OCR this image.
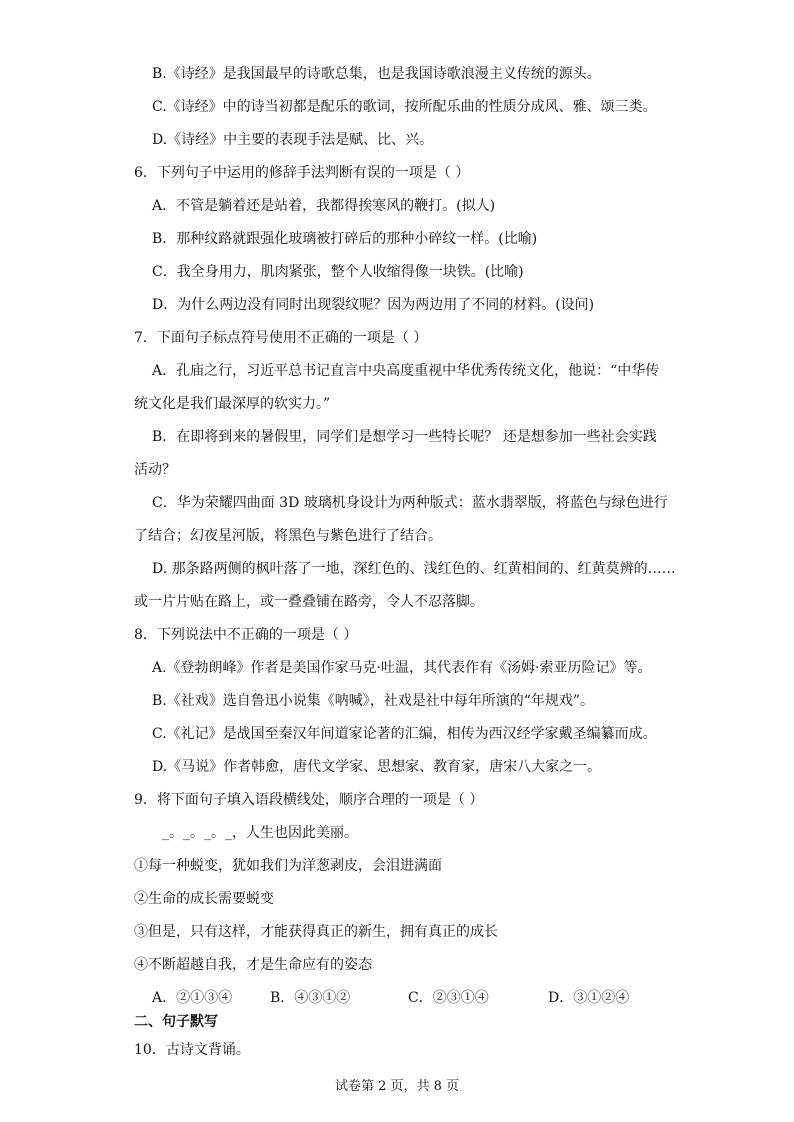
B.《诗经》是我国最早的诗歌总集，也是我国诗歌浪漫主义传统的源头。
C.《诗经》中的诗当初都是配乐的歌词，按所配乐曲的性质分成风、雅、颂三类。
D.《诗经》中主要的表现手法是赋、比、兴。
6．下列句子中运用的修辞手法判断有误的一项是（ ）
A．不管是躺着还是站着，我都得挨寒风的鞭打。(拟人)
B．那种纹路就跟强化玻璃被打碎后的那种小碎纹一样。(比喻)
C．我全身用力，肌肉紧张，整个人收缩得像一块铁。(比喻)
D．为什么两边没有同时出现裂纹呢？因为两边用了不同的材料。(设问)
7．下面句子标点符号使用不正确的一项是（ ）
A．孔庙之行，习近平总书记直言中央高度重视中华优秀传统文化，他说：“中华传
统文化是我们最深厚的软实力。”
B．在即将到来的暑假里，同学们是想学习一些特长呢？ 还是想参加一些社会实践
活动？
C．华为荣耀四曲面 3D 玻璃机身设计为两种版式：蓝水翡翠版，将蓝色与绿色进行
了结合；幻夜星河版，将黑色与紫色进行了结合。
D. 那条路两侧的枫叶落了一地，深红色的、浅红色的、红黄相间的、红黄莫辨的……
或一片片贴在路上，或一叠叠铺在路旁，令人不忍落脚。
8．下列说法中不正确的一项是（ ）
A.《登勃朗峰》作者是美国作家马克·吐温，其代表作有《汤姆·索亚历险记》等。
B.《社戏》选自鲁迅小说集《呐喊》，社戏是社中每年所演的“年规戏”。
C.《礼记》是战国至秦汉年间道家论著的汇编，相传为西汉经学家戴圣编纂而成。
D.《马说》作者韩愈，唐代文学家、思想家、教育家，唐宋八大家之一。
9．将下面句子填入语段横线处，顺序合理的一项是（ ）
_。_。_。_，人生也因此美丽。
①每一种蜕变，犹如我们为洋葱剥皮，会泪进满面
②生命的成长需要蜕变
③但是，只有这样，才能获得真正的新生，拥有真正的成长
④不断超越自我，才是生命应有的姿态
A．②①③④	B．④③①②	C．②③①④	D．③①②④
二、句子默写
10．古诗文背诵。
试卷第 2 页，共 8 页
